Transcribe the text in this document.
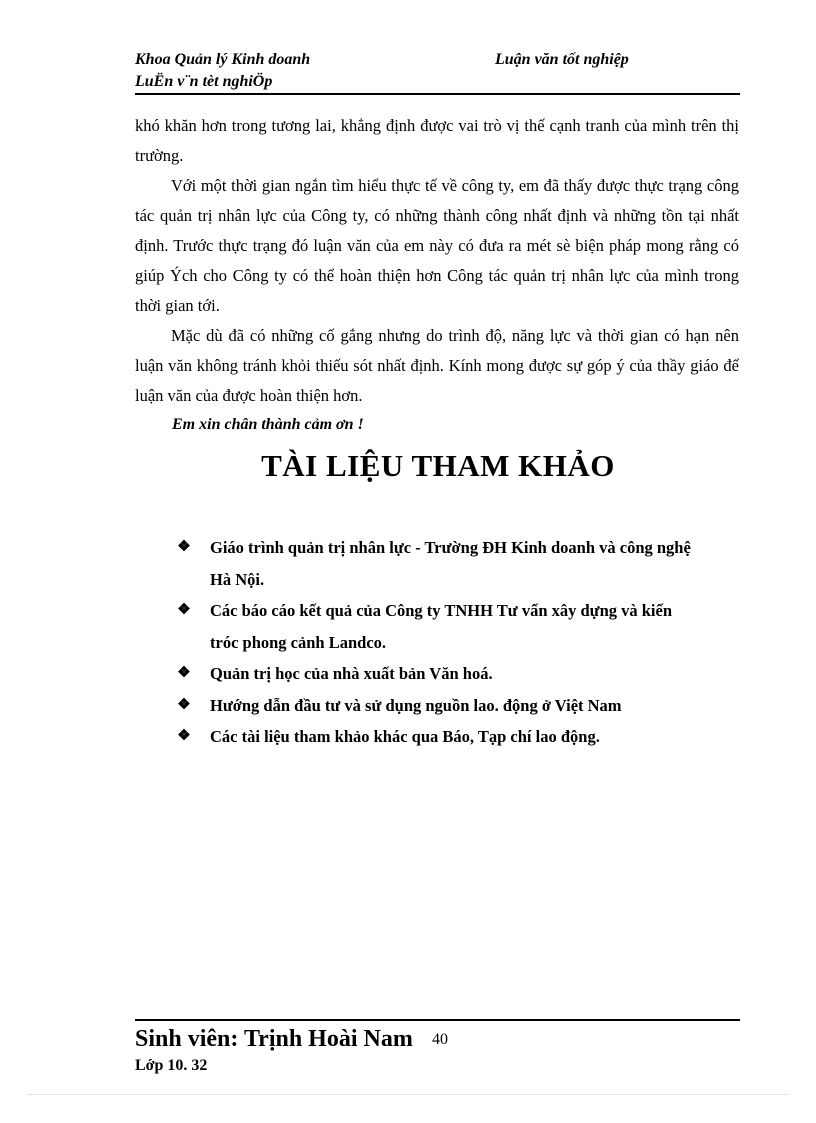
Khoa Quản lý Kinh doanh	Luận văn tốt nghiệp
LuËn v¨n tèt nghiÖp

khó khăn hơn trong tương lai, khẳng định được vai trò vị thế cạnh tranh của mình trên thị trường.

Với một thời gian ngắn tìm hiểu thực tế về công ty, em đã thấy được thực trạng công tác quản trị nhân lực của Công ty, có những thành công nhất định và những tồn tại nhất định. Trước thực trạng đó luận văn của em này có đưa ra mét sè biện pháp mong rằng có giúp Ých cho Công ty có thể hoàn thiện hơn Công tác quản trị nhân lực của mình trong thời gian tới.

Mặc dù đã có những cố gắng nhưng do trình độ, năng lực và thời gian có hạn nên luận văn không tránh khỏi thiếu sót nhất định. Kính mong được sự góp ý của thầy giáo để luận văn của được hoàn thiện hơn.

Em xin chân thành cảm ơn !
TÀI LIỆU THAM KHẢO
❖ Giáo trình quản trị nhân lực - Trường ĐH Kinh doanh và công nghệ Hà Nội.
❖ Các báo cáo kết quả của Công ty TNHH Tư vấn xây dựng và kiến tróc phong cảnh Landco.
❖ Quản trị học của nhà xuất bản Văn hoá.
❖ Hướng dẫn đầu tư và sử dụng nguồn lao. động ở Việt Nam
❖ Các tài liệu tham khảo khác qua Báo, Tạp chí lao động.
Sinh viên: Trịnh Hoài Nam 40
Lớp 10. 32
